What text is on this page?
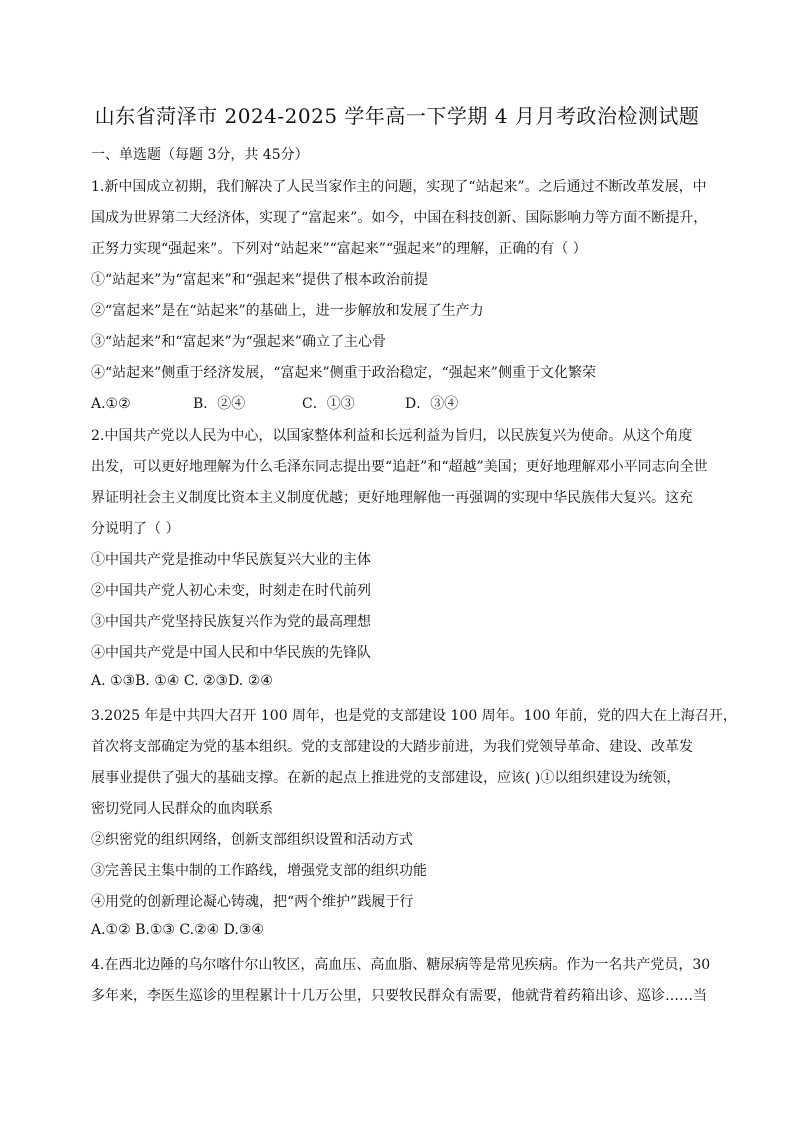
山东省菏泽市 2024-2025 学年高一下学期 4 月月考政治检测试题
一、单选题（每题 3分，共 45分）
1.新中国成立初期，我们解决了人民当家作主的问题，实现了“站起来”。之后通过不断改革发展，中
国成为世界第二大经济体，实现了“富起来”。如今，中国在科技创新、国际影响力等方面不断提升，
正努力实现“强起来”。下列对“站起来”“富起来”“强起来”的理解，正确的有（ ）
①“站起来”为“富起来”和“强起来”提供了根本政治前提
②“富起来”是在“站起来”的基础上，进一步解放和发展了生产力
③“站起来”和“富起来”为“强起来”确立了主心骨
④“站起来”侧重于经济发展，“富起来”侧重于政治稳定，“强起来”侧重于文化繁荣
A.①②	B．②④	C．①③	D．③④
2.中国共产党以人民为中心，以国家整体利益和长远利益为旨归，以民族复兴为使命。从这个角度
出发，可以更好地理解为什么毛泽东同志提出要“追赶”和“超越”美国；更好地理解邓小平同志向全世
界证明社会主义制度比资本主义制度优越；更好地理解他一再强调的实现中华民族伟大复兴。这充
分说明了（ ）
①中国共产党是推动中华民族复兴大业的主体
②中国共产党人初心未变，时刻走在时代前列
③中国共产党坚持民族复兴作为党的最高理想
④中国共产党是中国人民和中华民族的先锋队
A. ①③B. ①④ C. ②③D. ②④
3.2025 年是中共四大召开 100 周年，也是党的支部建设 100 周年。100 年前，党的四大在上海召开，
首次将支部确定为党的基本组织。党的支部建设的大踏步前进，为我们党领导革命、建设、改革发
展事业提供了强大的基础支撑。在新的起点上推进党的支部建设，应该( )①以组织建设为统领，
密切党同人民群众的血肉联系
②织密党的组织网络，创新支部组织设置和活动方式
③完善民主集中制的工作路线，增强党支部的组织功能
④用党的创新理论凝心铸魂，把“两个维护”践履于行
A.①② B.①③ C.②④ D.③④
4.在西北边陲的乌尔喀什尔山牧区，高血压、高血脂、糖尿病等是常见疾病。作为一名共产党员，30
多年来，李医生巡诊的里程累计十几万公里，只要牧民群众有需要，他就背着药箱出诊、巡诊……当
